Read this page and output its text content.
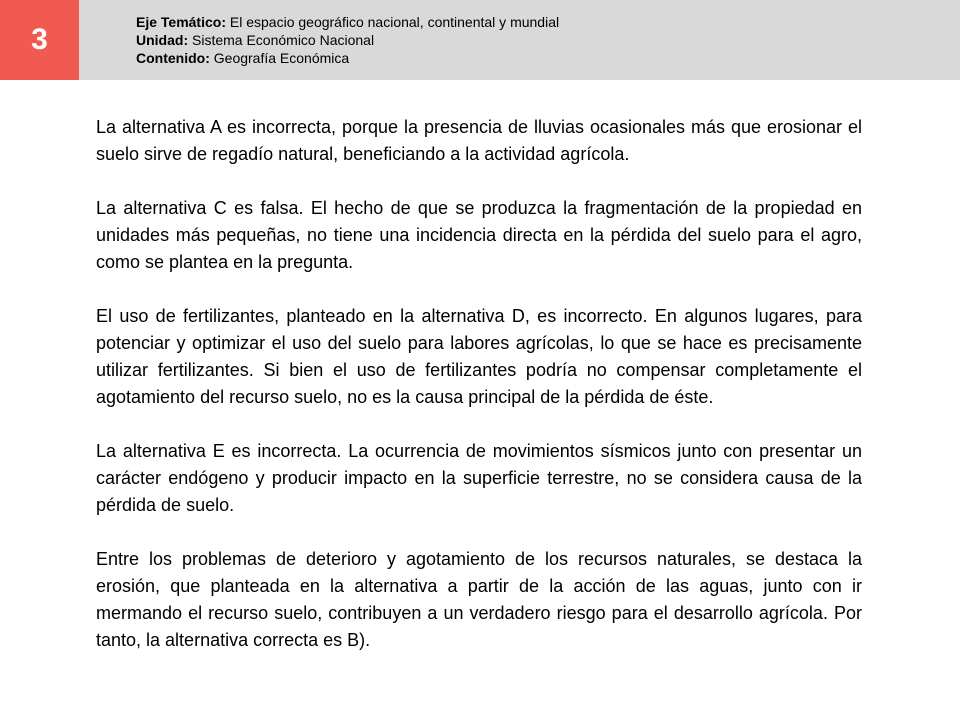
3
Eje Temático: El espacio geográfico nacional, continental y mundial
Unidad: Sistema Económico Nacional
Contenido: Geografía Económica

La alternativa A es incorrecta, porque la presencia de lluvias ocasionales más que erosionar el suelo sirve de regadío natural, beneficiando a la actividad agrícola.

La alternativa C es falsa. El hecho de que se produzca la fragmentación de la propiedad en unidades más pequeñas, no tiene una incidencia directa en la pérdida del suelo para el agro, como se plantea en la pregunta.

El uso de fertilizantes, planteado en la alternativa D, es incorrecto. En algunos lugares, para potenciar y optimizar el uso del suelo para labores agrícolas, lo que se hace es precisamente utilizar fertilizantes. Si bien el uso de fertilizantes podría no compensar completamente el agotamiento del recurso suelo, no es la causa principal de la pérdida de éste.

La alternativa E es incorrecta. La ocurrencia de movimientos sísmicos junto con presentar un carácter endógeno y producir impacto en la superficie terrestre, no se considera causa de la pérdida de suelo.

Entre los problemas de deterioro y agotamiento de los recursos naturales, se destaca la erosión, que planteada en la alternativa a partir de la acción de las aguas, junto con ir mermando el recurso suelo, contribuyen a un verdadero riesgo para el desarrollo agrícola. Por tanto, la alternativa correcta es B).
